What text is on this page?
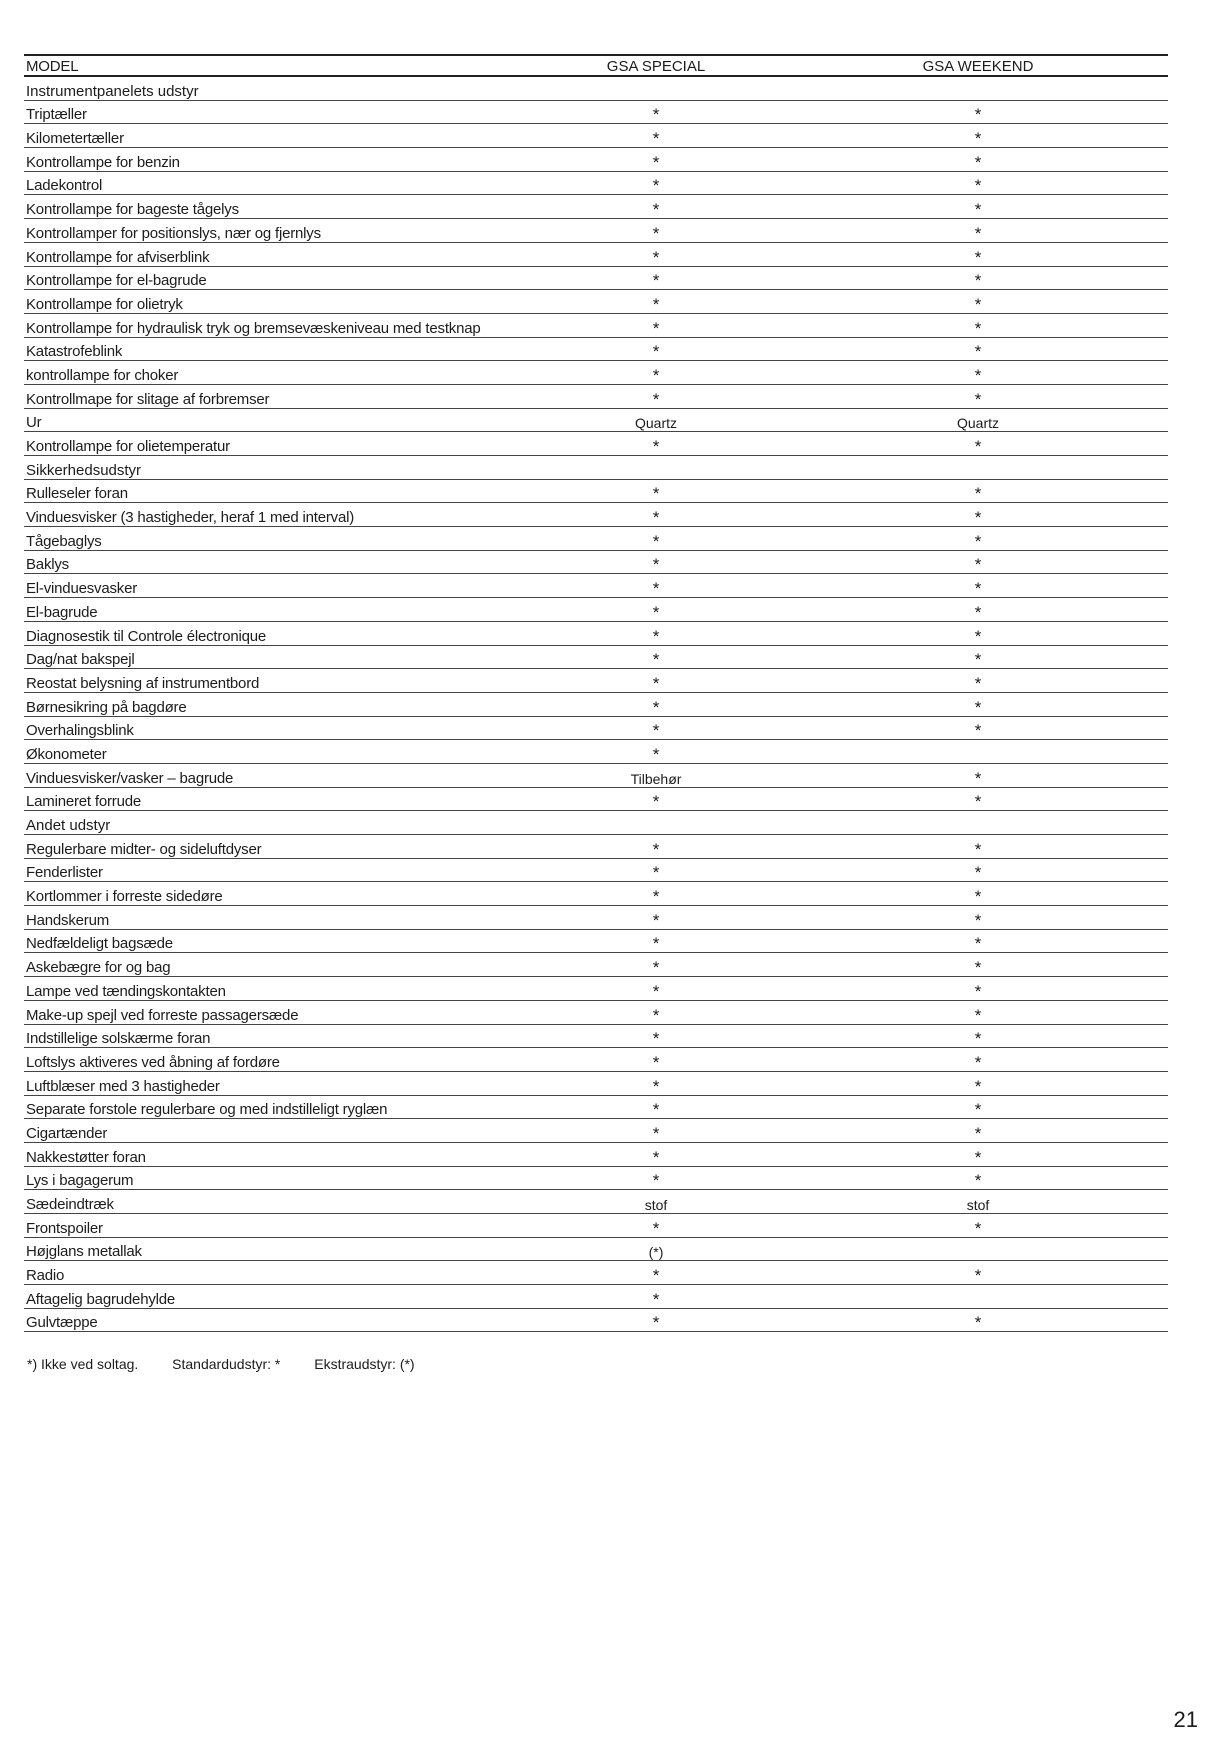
MODEL	GSA SPECIAL	GSA WEEKEND
Instrumentpanelets udstyr		
Triptæller	*	*
Kilometertæller	*	*
Kontrollampe for benzin	*	*
Ladekontrol	*	*
Kontrollampe for bageste tågelys	*	*
Kontrollamper for positionslys, nær og fjernlys	*	*
Kontrollampe for afviserblink	*	*
Kontrollampe for el-bagrude	*	*
Kontrollampe for olietryk	*	*
Kontrollampe for hydraulisk tryk og bremsevæskeniveau med testknap	*	*
Katastrofeblink	*	*
kontrollampe for choker	*	*
Kontrollmape for slitage af forbremser	*	*
Ur	Quartz	Quartz
Kontrollampe for olietemperatur	*	*
Sikkerhedsudstyr		
Rulleseler foran	*	*
Vinduesvisker (3 hastigheder, heraf 1 med interval)	*	*
Tågebaglys	*	*
Baklys	*	*
El-vinduesvasker	*	*
El-bagrude	*	*
Diagnosestik til Controle électronique	*	*
Dag/nat bakspejl	*	*
Reostat belysning af instrumentbord	*	*
Børnesikring på bagdøre	*	*
Overhalingsblink	*	*
Økonometer	*	
Vinduesvisker/vasker – bagrude	Tilbehør	*
Lamineret forrude	*	*
Andet udstyr		
Regulerbare midter- og sideluftdyser	*	*
Fenderlister	*	*
Kortlommer i forreste sidedøre	*	*
Handskerum	*	*
Nedfældeligt bagsæde	*	*
Askebægre for og bag	*	*
Lampe ved tændingskontakten	*	*
Make-up spejl ved forreste passagersæde	*	*
Indstillelige solskærme foran	*	*
Loftslys aktiveres ved åbning af fordøre	*	*
Luftblæser med 3 hastigheder	*	*
Separate forstole regulerbare og med indstilleligt ryglæn	*	*
Cigartænder	*	*
Nakkestøtter foran	*	*
Lys i bagagerum	*	*
Sædeindtræk	stof	stof
Frontspoiler	*	*
Højglans metallak	(*)	
Radio	*	*
Aftagelig bagrudehylde	*	
Gulvtæppe	*	*
*) Ikke ved soltag. Standardudstyr: * Ekstraudstyr: (*)
21
